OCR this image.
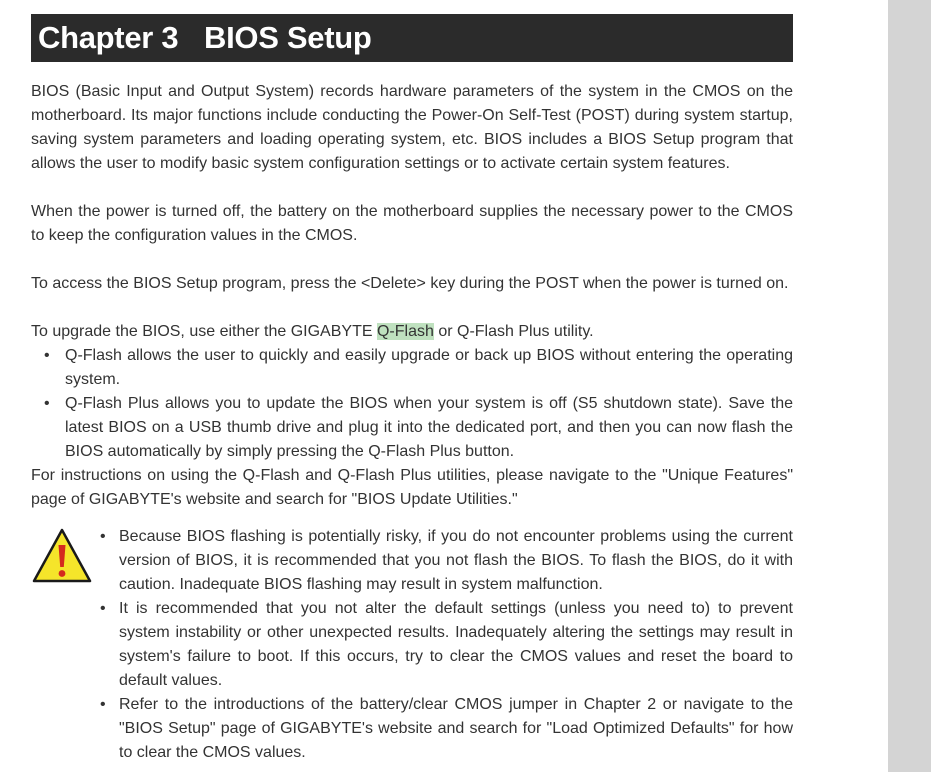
Chapter 3 BIOS Setup

BIOS (Basic Input and Output System) records hardware parameters of the system in the CMOS on the motherboard. Its major functions include conducting the Power-On Self-Test (POST) during system startup, saving system parameters and loading operating system, etc. BIOS includes a BIOS Setup program that allows the user to modify basic system configuration settings or to activate certain system features.

When the power is turned off, the battery on the motherboard supplies the necessary power to the CMOS to keep the configuration values in the CMOS.

To access the BIOS Setup program, press the <Delete> key during the POST when the power is turned on.

To upgrade the BIOS, use either the GIGABYTE Q-Flash or Q-Flash Plus utility.

• Q-Flash allows the user to quickly and easily upgrade or back up BIOS without entering the operating system.
• Q-Flash Plus allows you to update the BIOS when your system is off (S5 shutdown state). Save the latest BIOS on a USB thumb drive and plug it into the dedicated port, and then you can now flash the BIOS automatically by simply pressing the Q-Flash Plus button.

For instructions on using the Q-Flash and Q-Flash Plus utilities, please navigate to the "Unique Features" page of GIGABYTE's website and search for "BIOS Update Utilities."

• Because BIOS flashing is potentially risky, if you do not encounter problems using the current version of BIOS, it is recommended that you not flash the BIOS. To flash the BIOS, do it with caution. Inadequate BIOS flashing may result in system malfunction.
• It is recommended that you not alter the default settings (unless you need to) to prevent system instability or other unexpected results. Inadequately altering the settings may result in system's failure to boot. If this occurs, try to clear the CMOS values and reset the board to default values.
• Refer to the introductions of the battery/clear CMOS jumper in Chapter 2 or navigate to the "BIOS Setup" page of GIGABYTE's website and search for "Load Optimized Defaults" for how to clear the CMOS values.
